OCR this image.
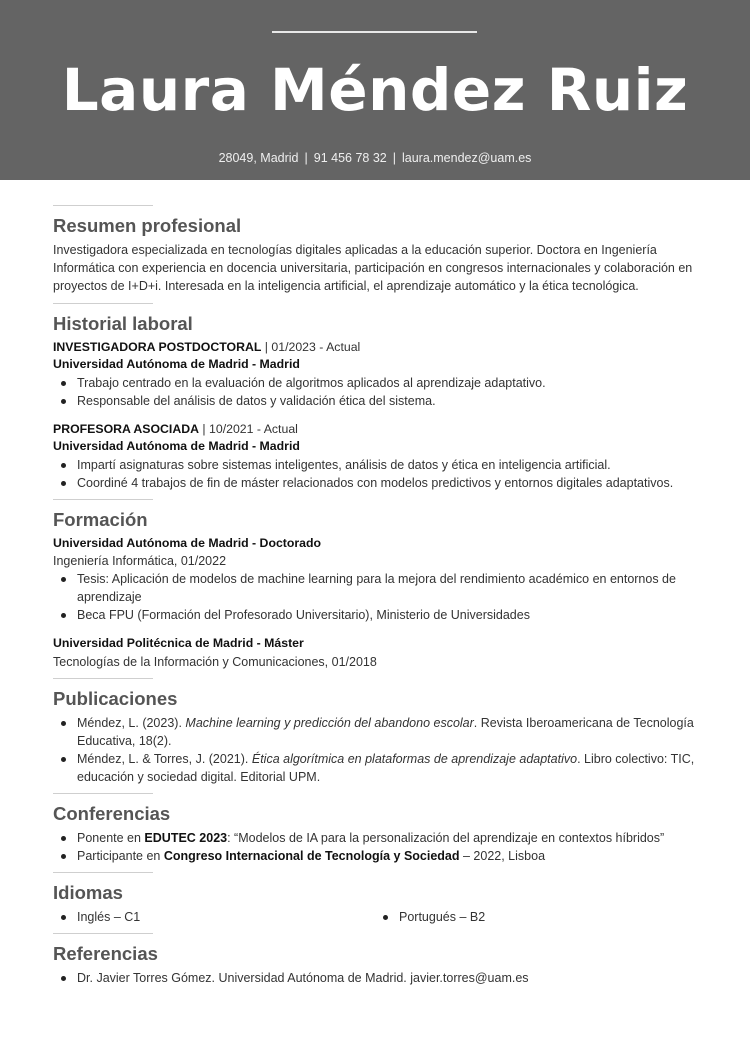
Laura Méndez Ruiz
28049, Madrid | 91 456 78 32 | laura.mendez@uam.es
Resumen profesional
Investigadora especializada en tecnologías digitales aplicadas a la educación superior. Doctora en Ingeniería Informática con experiencia en docencia universitaria, participación en congresos internacionales y colaboración en proyectos de I+D+i. Interesada en la inteligencia artificial, el aprendizaje automático y la ética tecnológica.
Historial laboral
INVESTIGADORA POSTDOCTORAL | 01/2023 - Actual
Universidad Autónoma de Madrid - Madrid
Trabajo centrado en la evaluación de algoritmos aplicados al aprendizaje adaptativo.
Responsable del análisis de datos y validación ética del sistema.
PROFESORA ASOCIADA | 10/2021 - Actual
Universidad Autónoma de Madrid - Madrid
Impartí asignaturas sobre sistemas inteligentes, análisis de datos y ética en inteligencia artificial.
Coordiné 4 trabajos de fin de máster relacionados con modelos predictivos y entornos digitales adaptativos.
Formación
Universidad Autónoma de Madrid - Doctorado
Ingeniería Informática, 01/2022
Tesis: Aplicación de modelos de machine learning para la mejora del rendimiento académico en entornos de aprendizaje
Beca FPU (Formación del Profesorado Universitario), Ministerio de Universidades
Universidad Politécnica de Madrid - Máster
Tecnologías de la Información y Comunicaciones, 01/2018
Publicaciones
Méndez, L. (2023). Machine learning y predicción del abandono escolar. Revista Iberoamericana de Tecnología Educativa, 18(2).
Méndez, L. & Torres, J. (2021). Ética algorítmica en plataformas de aprendizaje adaptativo. Libro colectivo: TIC, educación y sociedad digital. Editorial UPM.
Conferencias
Ponente en EDUTEC 2023: “Modelos de IA para la personalización del aprendizaje en contextos híbridos”
Participante en Congreso Internacional de Tecnología y Sociedad – 2022, Lisboa
Idiomas
Inglés – C1	Portugués – B2
Referencias
Dr. Javier Torres Gómez. Universidad Autónoma de Madrid. javier.torres@uam.es
